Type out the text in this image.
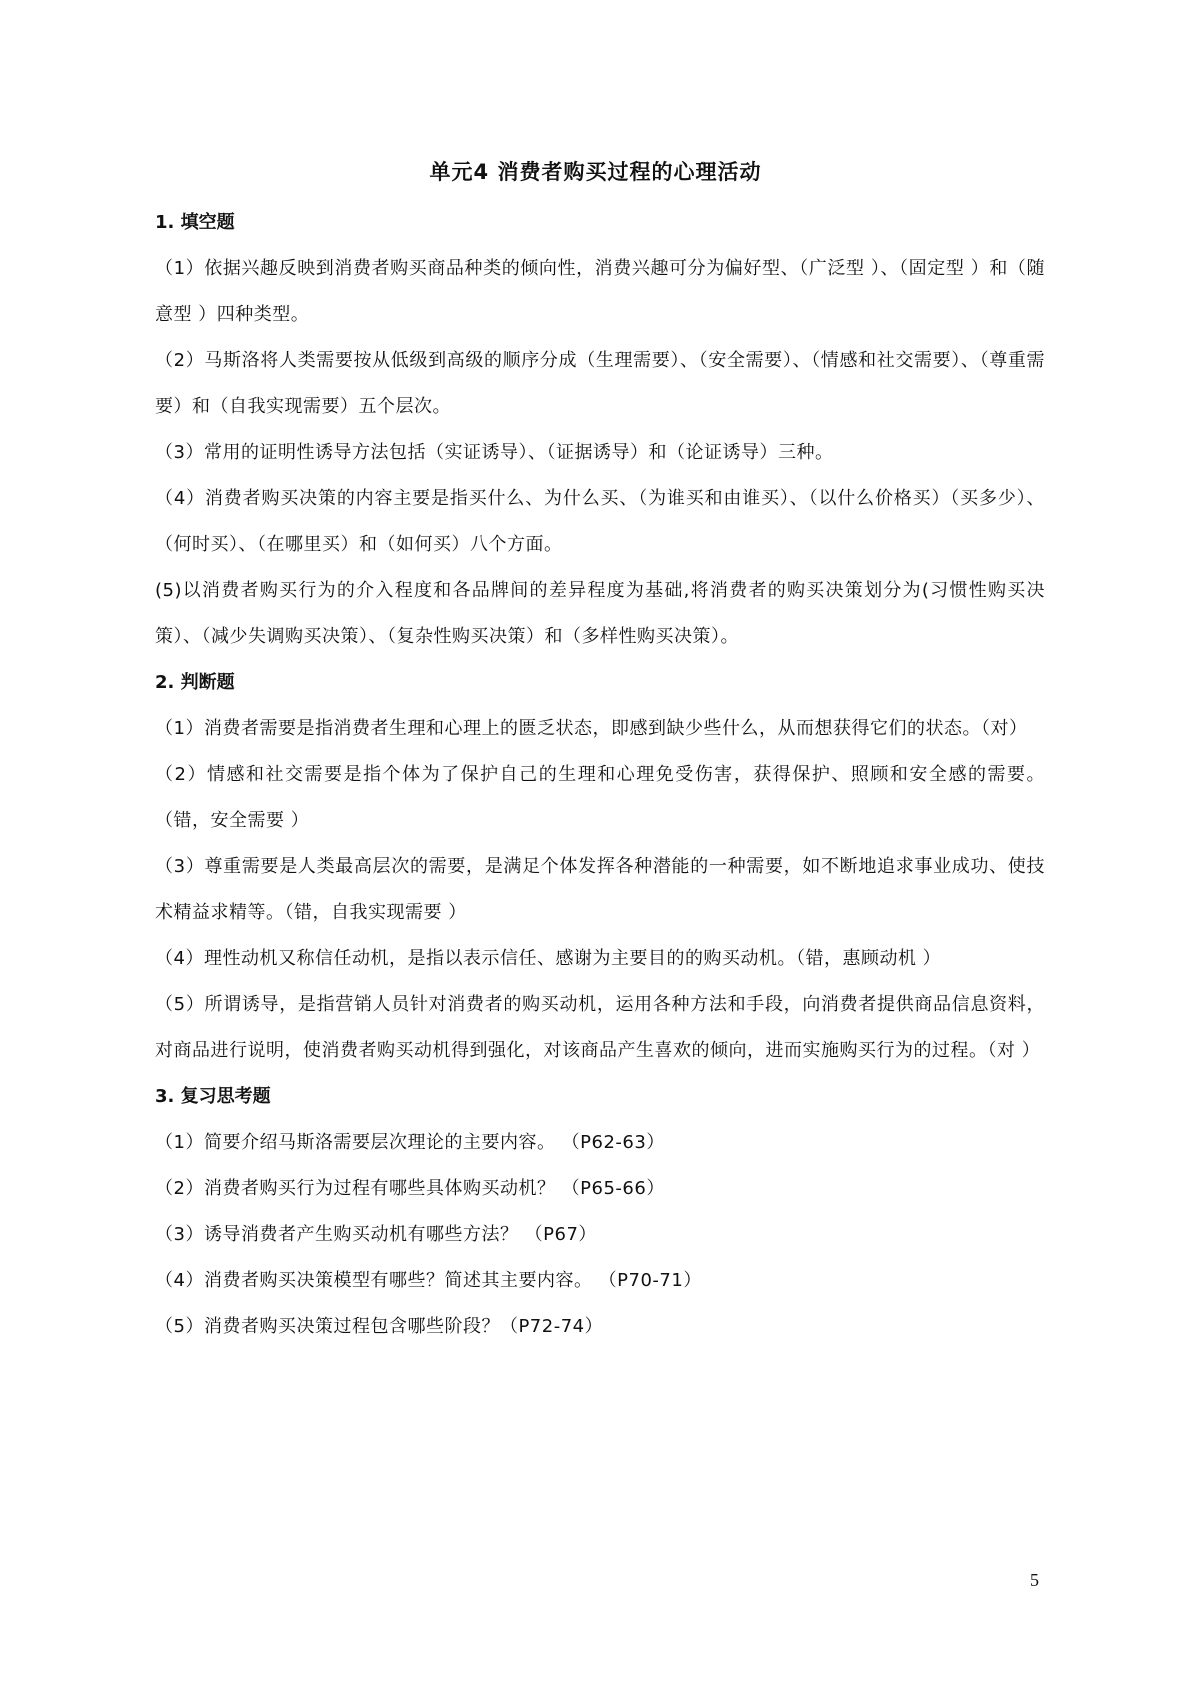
单元4 消费者购买过程的心理活动
1. 填空题
（1）依据兴趣反映到消费者购买商品种类的倾向性，消费兴趣可分为偏好型、（广泛型 ）、（固定型 ）和（随意型 ）四种类型。
（2）马斯洛将人类需要按从低级到高级的顺序分成（生理需要）、（安全需要）、（情感和社交需要）、（尊重需要）和（自我实现需要）五个层次。
（3）常用的证明性诱导方法包括（实证诱导）、（证据诱导）和（论证诱导）三种。
（4）消费者购买决策的内容主要是指买什么、为什么买、（为谁买和由谁买）、（以什么价格买）（买多少）、（何时买）、（在哪里买）和（如何买）八个方面。
(5)以消费者购买行为的介入程度和各品牌间的差异程度为基础,将消费者的购买决策划分为(习惯性购买决策）、（减少失调购买决策）、（复杂性购买决策）和（多样性购买决策）。
2. 判断题
（1）消费者需要是指消费者生理和心理上的匮乏状态，即感到缺少些什么，从而想获得它们的状态。（对）
（2）情感和社交需要是指个体为了保护自己的生理和心理免受伤害，获得保护、照顾和安全感的需要。（错，安全需要 ）
（3）尊重需要是人类最高层次的需要，是满足个体发挥各种潜能的一种需要，如不断地追求事业成功、使技术精益求精等。（错，自我实现需要 ）
（4）理性动机又称信任动机，是指以表示信任、感谢为主要目的的购买动机。（错，惠顾动机 ）
（5）所谓诱导，是指营销人员针对消费者的购买动机，运用各种方法和手段，向消费者提供商品信息资料，对商品进行说明，使消费者购买动机得到强化，对该商品产生喜欢的倾向，进而实施购买行为的过程。（对 ）
3. 复习思考题
（1）简要介绍马斯洛需要层次理论的主要内容。 （P62-63）
（2）消费者购买行为过程有哪些具体购买动机？ （P65-66）
（3）诱导消费者产生购买动机有哪些方法？ （P67）
（4）消费者购买决策模型有哪些？简述其主要内容。 （P70-71）
（5）消费者购买决策过程包含哪些阶段？（P72-74）
5
